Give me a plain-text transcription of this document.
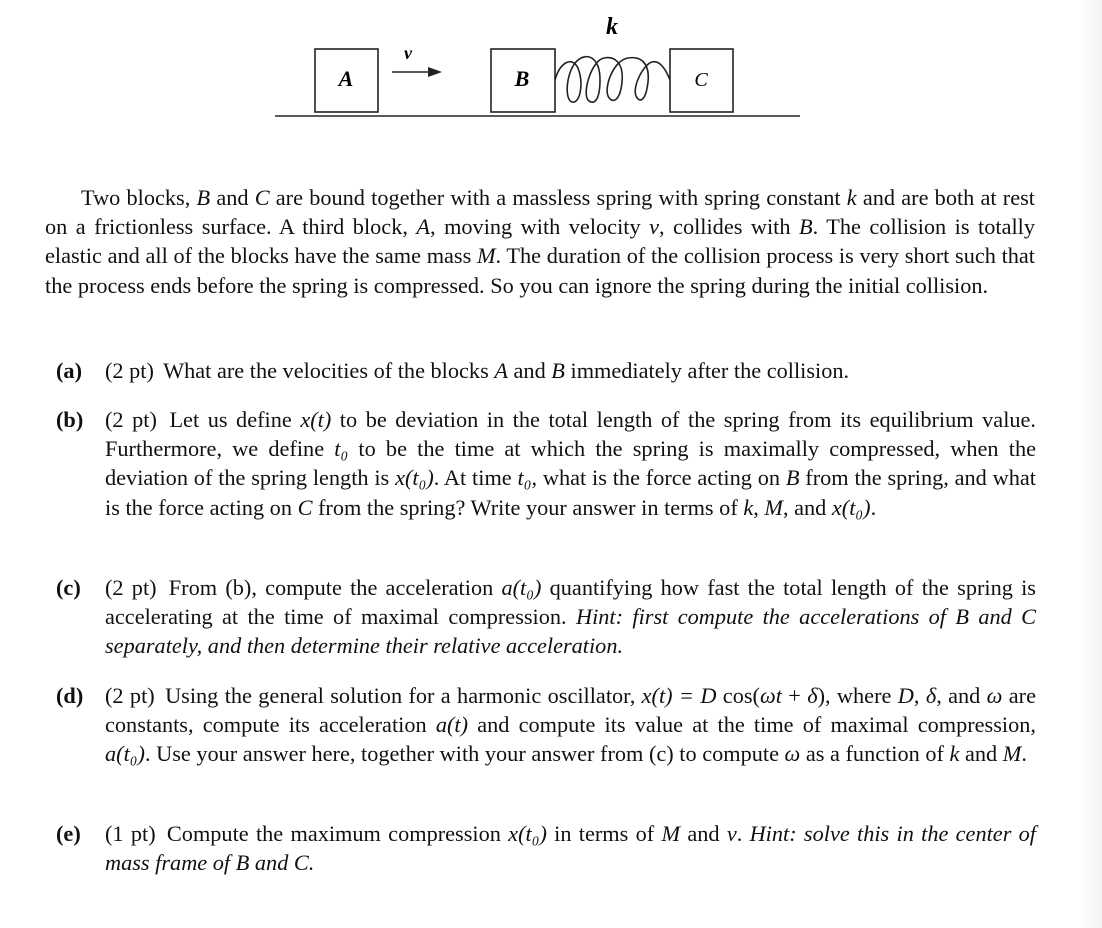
A
v
B
k
C

Two blocks, B and C are bound together with a massless spring with spring constant k and are both at rest on a frictionless surface. A third block, A, moving with velocity v, collides with B. The collision is totally elastic and all of the blocks have the same mass M. The duration of the collision process is very short such that the process ends before the spring is compressed. So you can ignore the spring during the initial collision.

(a) (2 pt) What are the velocities of the blocks A and B immediately after the collision.
(b) (2 pt) Let us define x(t) to be deviation in the total length of the spring from its equilibrium value. Furthermore, we define t₀ to be the time at which the spring is maximally compressed, when the deviation of the spring length is x(t₀). At time t₀, what is the force acting on B from the spring, and what is the force acting on C from the spring? Write your answer in terms of k, M, and x(t₀).
(c) (2 pt) From (b), compute the acceleration a(t₀) quantifying how fast the total length of the spring is accelerating at the time of maximal compression. Hint: first compute the accelerations of B and C separately, and then determine their relative acceleration.
(d) (2 pt) Using the general solution for a harmonic oscillator, x(t) = D cos(ωt + δ), where D, δ, and ω are constants, compute its acceleration a(t) and compute its value at the time of maximal compression, a(t₀). Use your answer here, together with your answer from (c) to compute ω as a function of k and M.
(e) (1 pt) Compute the maximum compression x(t₀) in terms of M and v. Hint: solve this in the center of mass frame of B and C.
